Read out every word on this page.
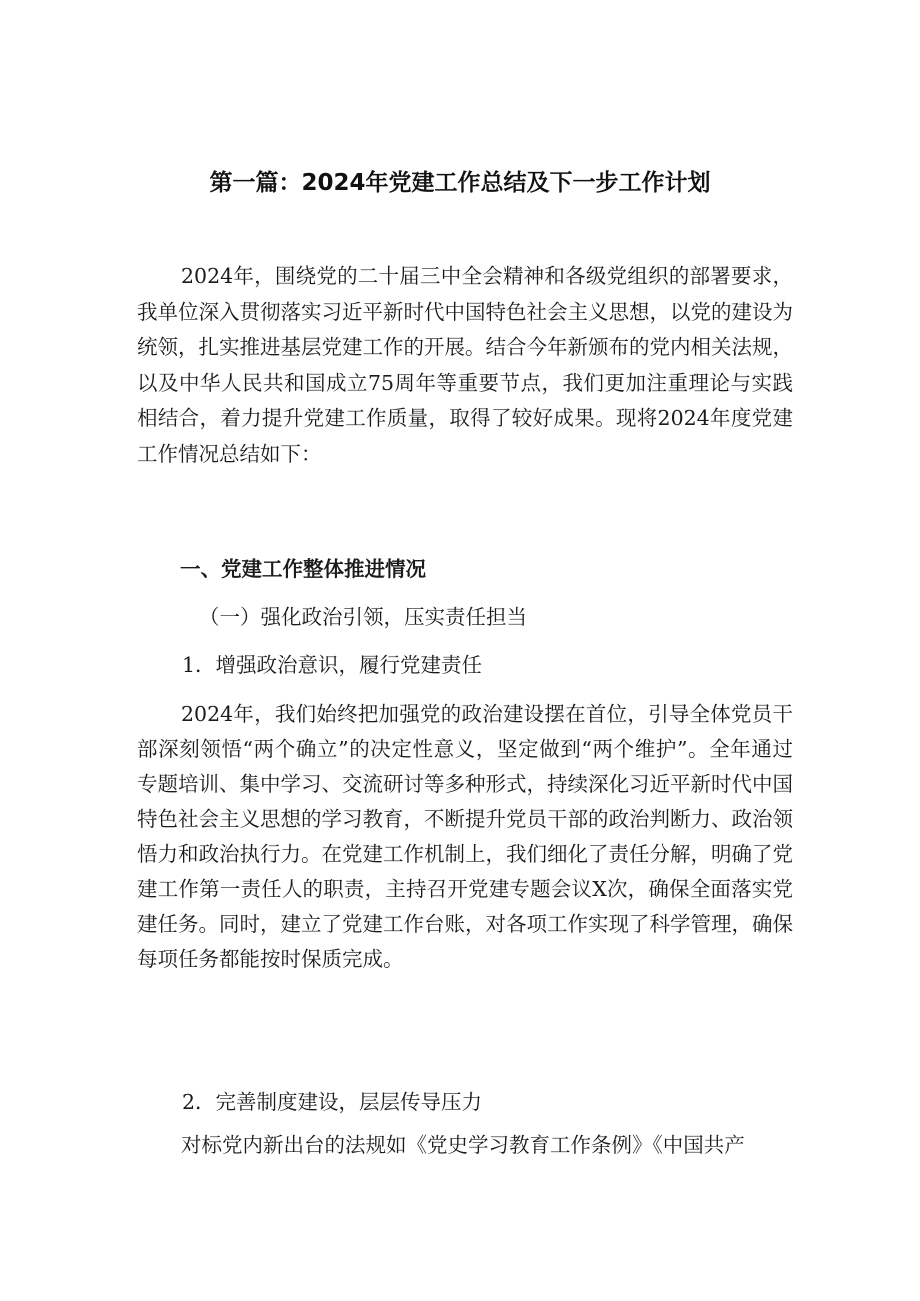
第一篇：2024年党建工作总结及下一步工作计划

2024年，围绕党的二十届三中全会精神和各级党组织的部署要求，我单位深入贯彻落实习近平新时代中国特色社会主义思想，以党的建设为统领，扎实推进基层党建工作的开展。结合今年新颁布的党内相关法规，以及中华人民共和国成立75周年等重要节点，我们更加注重理论与实践相结合，着力提升党建工作质量，取得了较好成果。现将2024年度党建工作情况总结如下：

一、党建工作整体推进情况
（一）强化政治引领，压实责任担当
1．增强政治意识，履行党建责任

2024年，我们始终把加强党的政治建设摆在首位，引导全体党员干部深刻领悟“两个确立”的决定性意义，坚定做到“两个维护”。全年通过专题培训、集中学习、交流研讨等多种形式，持续深化习近平新时代中国特色社会主义思想的学习教育，不断提升党员干部的政治判断力、政治领悟力和政治执行力。在党建工作机制上，我们细化了责任分解，明确了党建工作第一责任人的职责，主持召开党建专题会议X次，确保全面落实党建任务。同时，建立了党建工作台账，对各项工作实现了科学管理，确保每项任务都能按时保质完成。

2．完善制度建设，层层传导压力

对标党内新出台的法规如《党史学习教育工作条例》《中国共产
